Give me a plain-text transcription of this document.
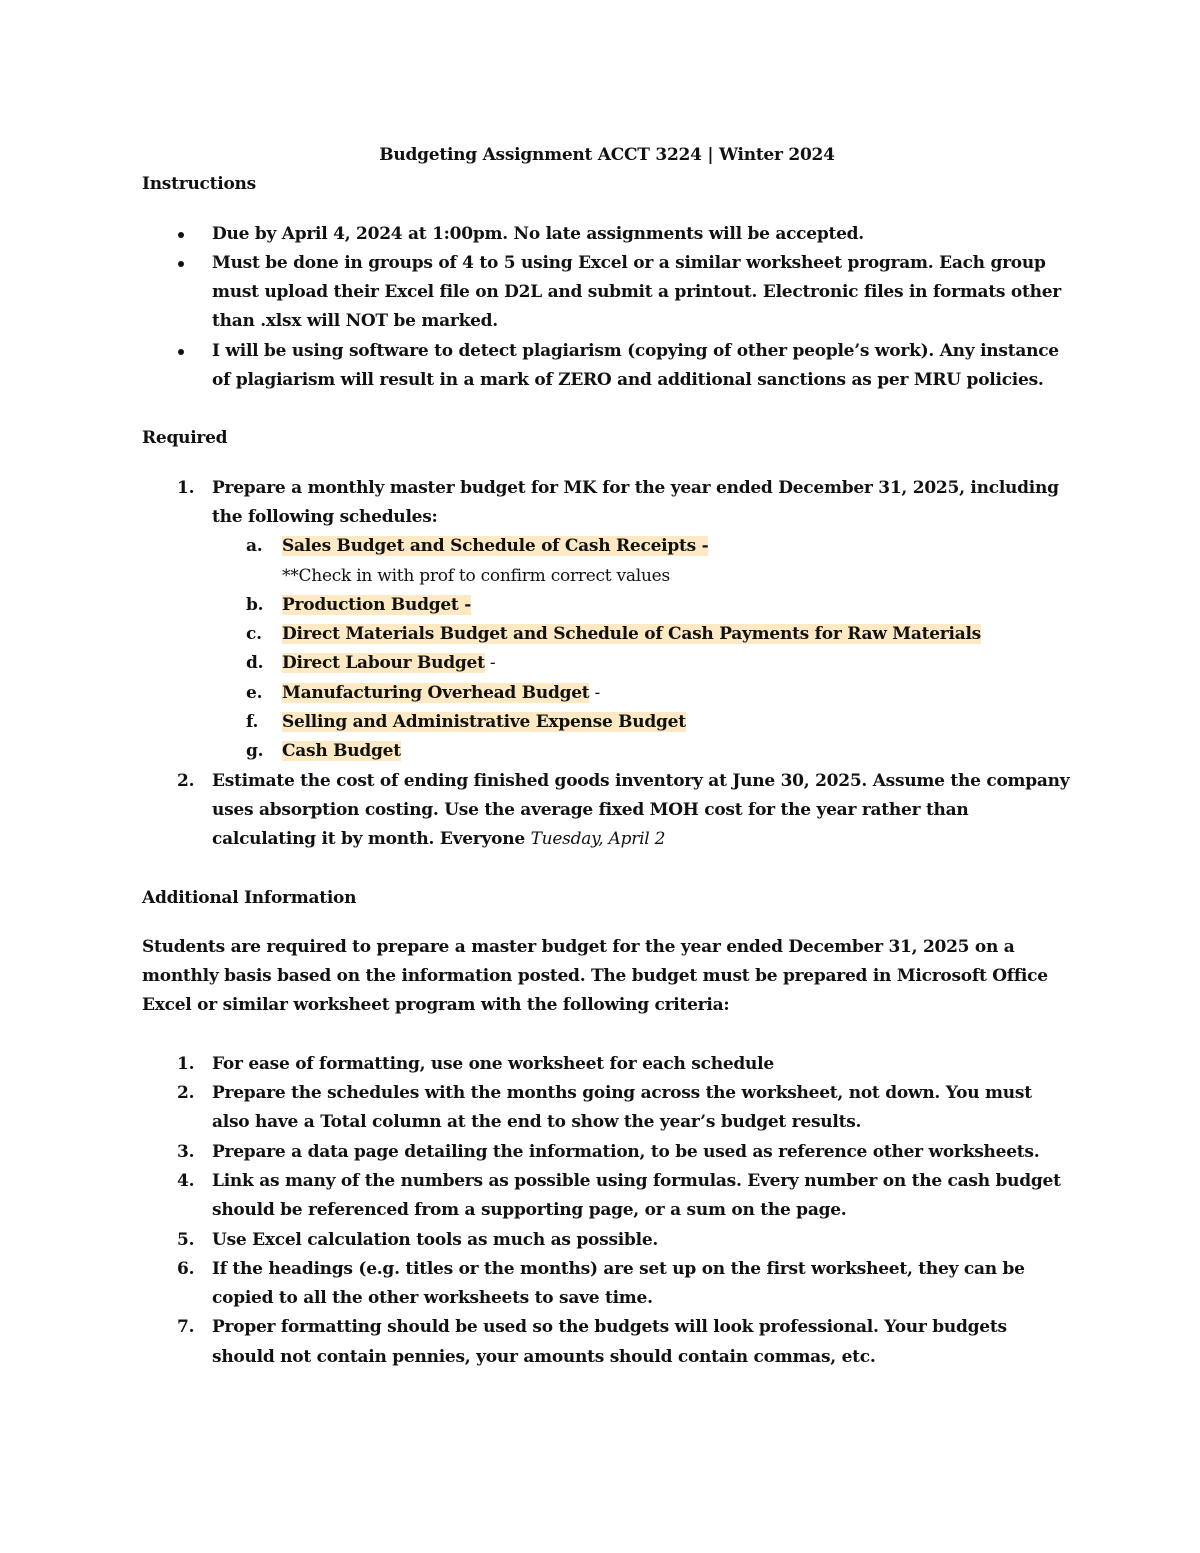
Budgeting Assignment ACCT 3224 | Winter 2024

Instructions

Due by April 4, 2024 at 1:00pm. No late assignments will be accepted.
Must be done in groups of 4 to 5 using Excel or a similar worksheet program. Each group must upload their Excel file on D2L and submit a printout. Electronic files in formats other than .xlsx will NOT be marked.
I will be using software to detect plagiarism (copying of other people’s work). Any instance of plagiarism will result in a mark of ZERO and additional sanctions as per MRU policies.

Required

1. Prepare a monthly master budget for MK for the year ended December 31, 2025, including the following schedules:
a. Sales Budget and Schedule of Cash Receipts -
**Check in with prof to confirm correct values
b. Production Budget -
c. Direct Materials Budget and Schedule of Cash Payments for Raw Materials
d. Direct Labour Budget -
e. Manufacturing Overhead Budget -
f. Selling and Administrative Expense Budget
g. Cash Budget
2. Estimate the cost of ending finished goods inventory at June 30, 2025. Assume the company uses absorption costing. Use the average fixed MOH cost for the year rather than calculating it by month. Everyone Tuesday, April 2

Additional Information

Students are required to prepare a master budget for the year ended December 31, 2025 on a monthly basis based on the information posted. The budget must be prepared in Microsoft Office Excel or similar worksheet program with the following criteria:

1. For ease of formatting, use one worksheet for each schedule
2. Prepare the schedules with the months going across the worksheet, not down. You must also have a Total column at the end to show the year’s budget results.
3. Prepare a data page detailing the information, to be used as reference other worksheets.
4. Link as many of the numbers as possible using formulas. Every number on the cash budget should be referenced from a supporting page, or a sum on the page.
5. Use Excel calculation tools as much as possible.
6. If the headings (e.g. titles or the months) are set up on the first worksheet, they can be copied to all the other worksheets to save time.
7. Proper formatting should be used so the budgets will look professional. Your budgets should not contain pennies, your amounts should contain commas, etc.
